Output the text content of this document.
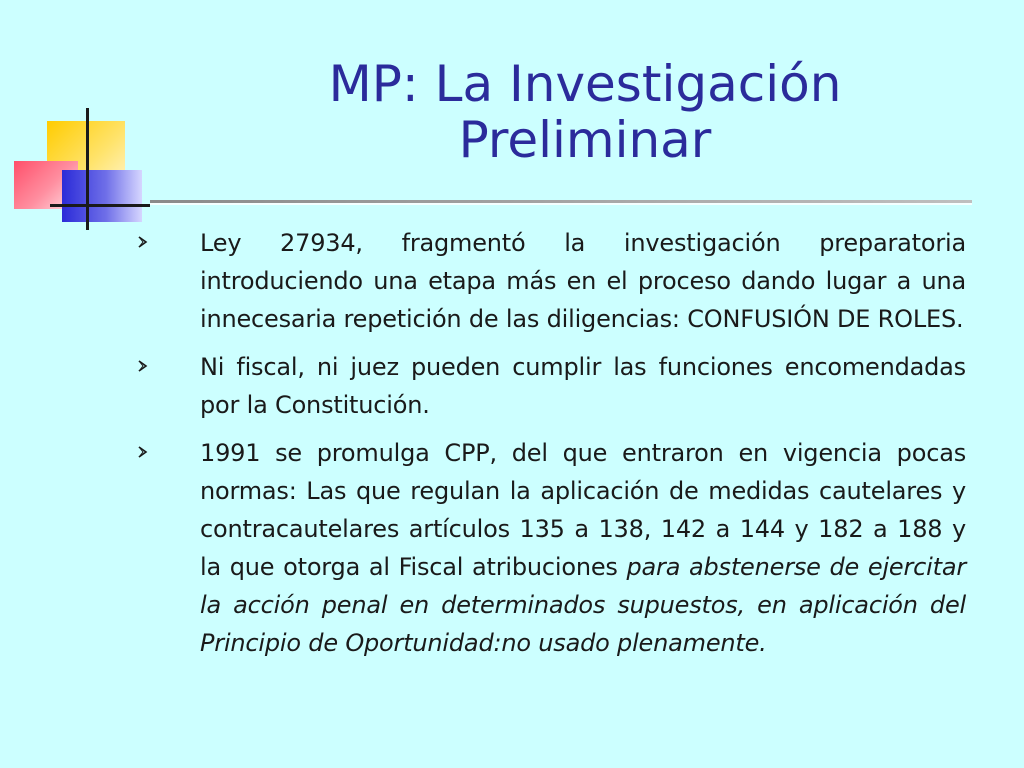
MP: La Investigación
Preliminar
Ley 27934, fragmentó la investigación preparatoria introduciendo una etapa más en el proceso dando lugar a una innecesaria repetición de las diligencias: CONFUSIÓN DE ROLES.
Ni fiscal, ni juez pueden cumplir las funciones encomendadas por la Constitución.
1991 se promulga CPP, del que entraron en vigencia pocas normas: Las que regulan la aplicación de medidas cautelares y contracautelares artículos 135 a 138, 142 a 144 y 182 a 188 y la que otorga al Fiscal atribuciones para abstenerse de ejercitar la acción penal en determinados supuestos, en aplicación del Principio de Oportunidad:no usado plenamente.
